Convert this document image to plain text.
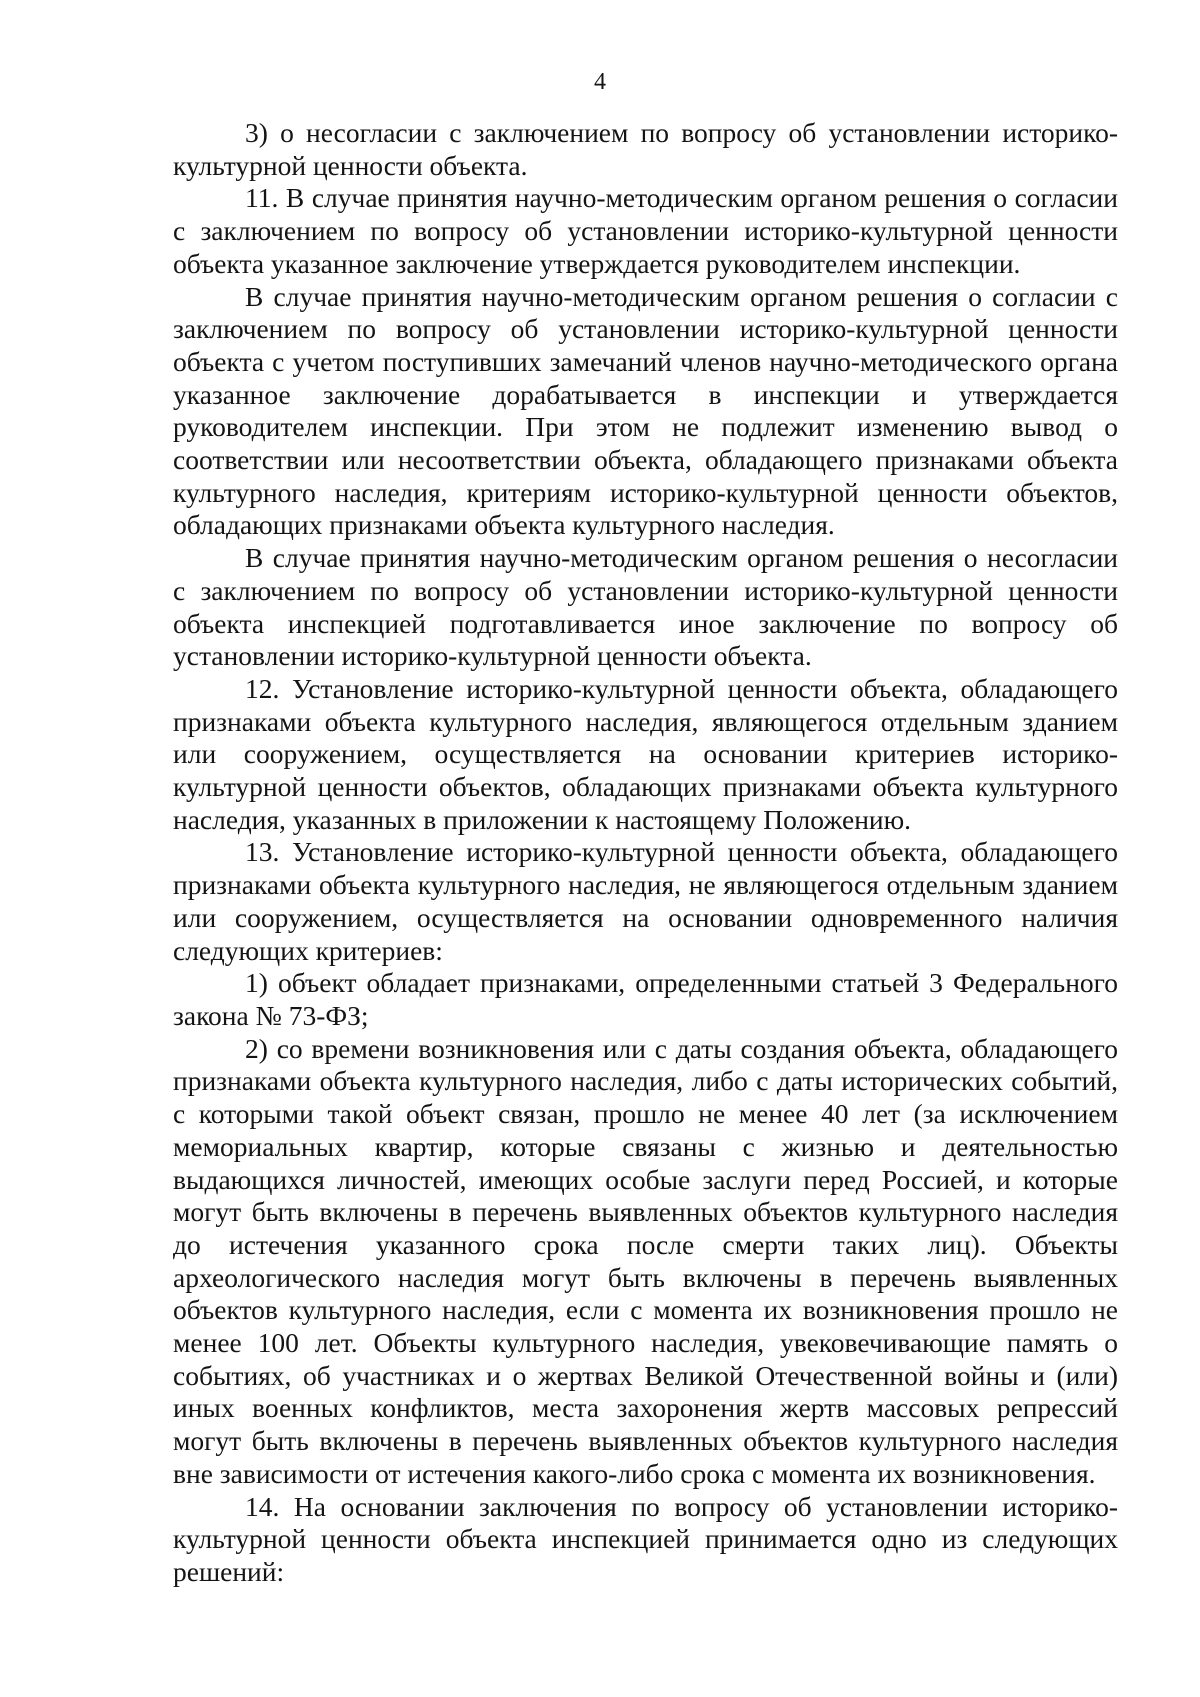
4

3) о несогласии с заключением по вопросу об установлении историко-культурной ценности объекта.

11. В случае принятия научно-методическим органом решения о согласии с заключением по вопросу об установлении историко-культурной ценности объекта указанное заключение утверждается руководителем инспекции.

В случае принятия научно-методическим органом решения о согласии с заключением по вопросу об установлении историко-культурной ценности объекта с учетом поступивших замечаний членов научно-методического органа указанное заключение дорабатывается в инспекции и утверждается руководителем инспекции. При этом не подлежит изменению вывод о соответствии или несоответствии объекта, обладающего признаками объекта культурного наследия, критериям историко-культурной ценности объектов, обладающих признаками объекта культурного наследия.

В случае принятия научно-методическим органом решения о несогласии с заключением по вопросу об установлении историко-культурной ценности объекта инспекцией подготавливается иное заключение по вопросу об установлении историко-культурной ценности объекта.

12. Установление историко-культурной ценности объекта, обладающего признаками объекта культурного наследия, являющегося отдельным зданием или сооружением, осуществляется на основании критериев историко-культурной ценности объектов, обладающих признаками объекта культурного наследия, указанных в приложении к настоящему Положению.

13. Установление историко-культурной ценности объекта, обладающего признаками объекта культурного наследия, не являющегося отдельным зданием или сооружением, осуществляется на основании одновременного наличия следующих критериев:

1) объект обладает признаками, определенными статьей 3 Федерального закона № 73-ФЗ;

2) со времени возникновения или с даты создания объекта, обладающего признаками объекта культурного наследия, либо с даты исторических событий, с которыми такой объект связан, прошло не менее 40 лет (за исключением мемориальных квартир, которые связаны с жизнью и деятельностью выдающихся личностей, имеющих особые заслуги перед Россией, и которые могут быть включены в перечень выявленных объектов культурного наследия до истечения указанного срока после смерти таких лиц). Объекты археологического наследия могут быть включены в перечень выявленных объектов культурного наследия, если с момента их возникновения прошло не менее 100 лет. Объекты культурного наследия, увековечивающие память о событиях, об участниках и о жертвах Великой Отечественной войны и (или) иных военных конфликтов, места захоронения жертв массовых репрессий могут быть включены в перечень выявленных объектов культурного наследия вне зависимости от истечения какого-либо срока с момента их возникновения.

14. На основании заключения по вопросу об установлении историко-культурной ценности объекта инспекцией принимается одно из следующих решений:
